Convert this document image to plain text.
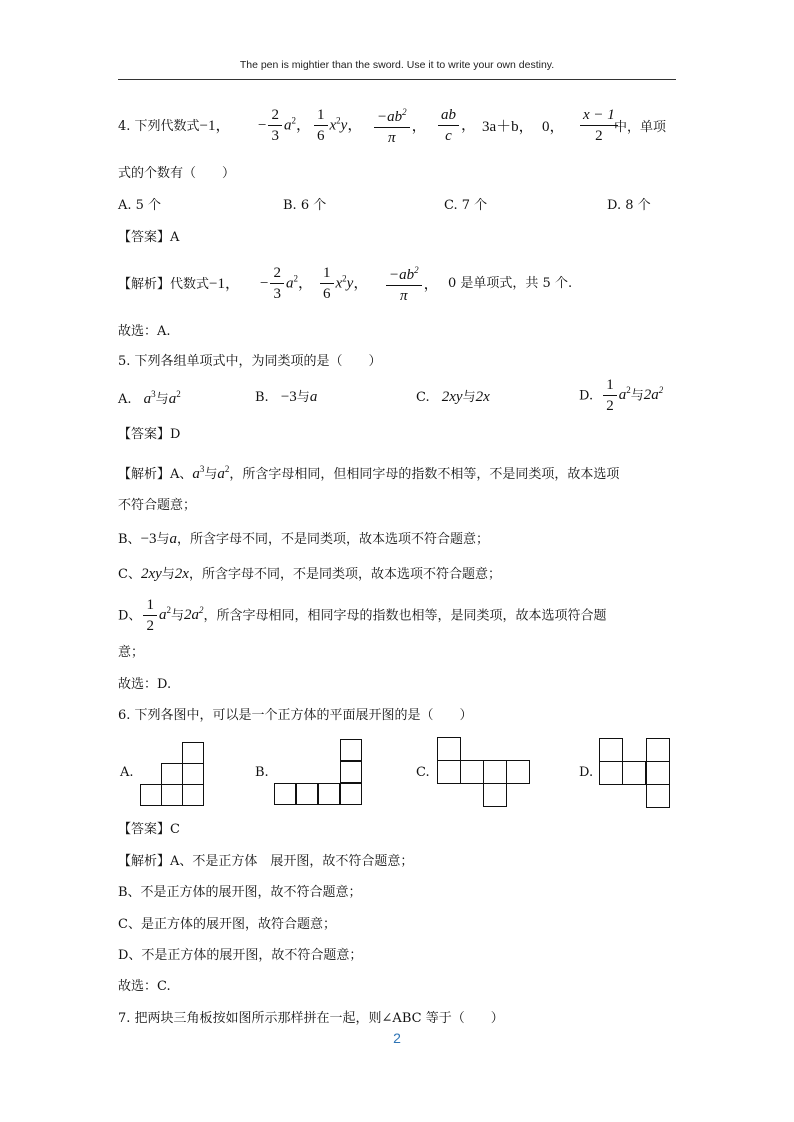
The pen is mightier than the sword. Use it to write your own destiny.
4. 下列代数式−1， − $\frac{2}{3} a^2$， $\frac{1}{6} x^2y$， $\frac{-ab^2}{\pi}$ ， $\frac{ab}{c}$ ， 3a＋b， 0， $\frac{x - 1}{2}$
中，单项
式的个数有（　　）
A. 5 个	B. 6 个	C. 7 个	D. 8 个
【答案】A
【解析】代数式−1， − $\frac{2}{3} a^2$， $\frac{1}{6} x^2y$， $\frac{-ab^2}{\pi}$ ， 0 是单项式，共 5 个.
故选：A.
5. 下列各组单项式中，为同类项的是（　　）
A. $a^3$与$a^2$	B. −3与a	C. 2xy与2x	D. $\frac{1}{2} a^2$与$2a^2$
【答案】D
【解析】A、$a^3$与$a^2$，所含字母相同，但相同字母的指数不相等，不是同类项，故本选项
不符合题意；
B、−3与a，所含字母不同，不是同类项，故本选项不符合题意；
C、2xy与2x，所含字母不同，不是同类项，故本选项不符合题意；
D、 $\frac{1}{2} a^2$与$2a^2$，所含字母相同，相同字母的指数也相等，是同类项，故本选项符合题
意；
故选：D.
6. 下列各图中，可以是一个正方体的平面展开图的是（　　）
A.	B.	C.	D.
【答案】C
【解析】A、不是正方体　展开图，故不符合题意；
B、不是正方体的展开图，故不符合题意；
C、是正方体的展开图，故符合题意；
D、不是正方体的展开图，故不符合题意；
故选：C.
7. 把两块三角板按如图所示那样拼在一起，则∠ABC 等于（　　）
2
